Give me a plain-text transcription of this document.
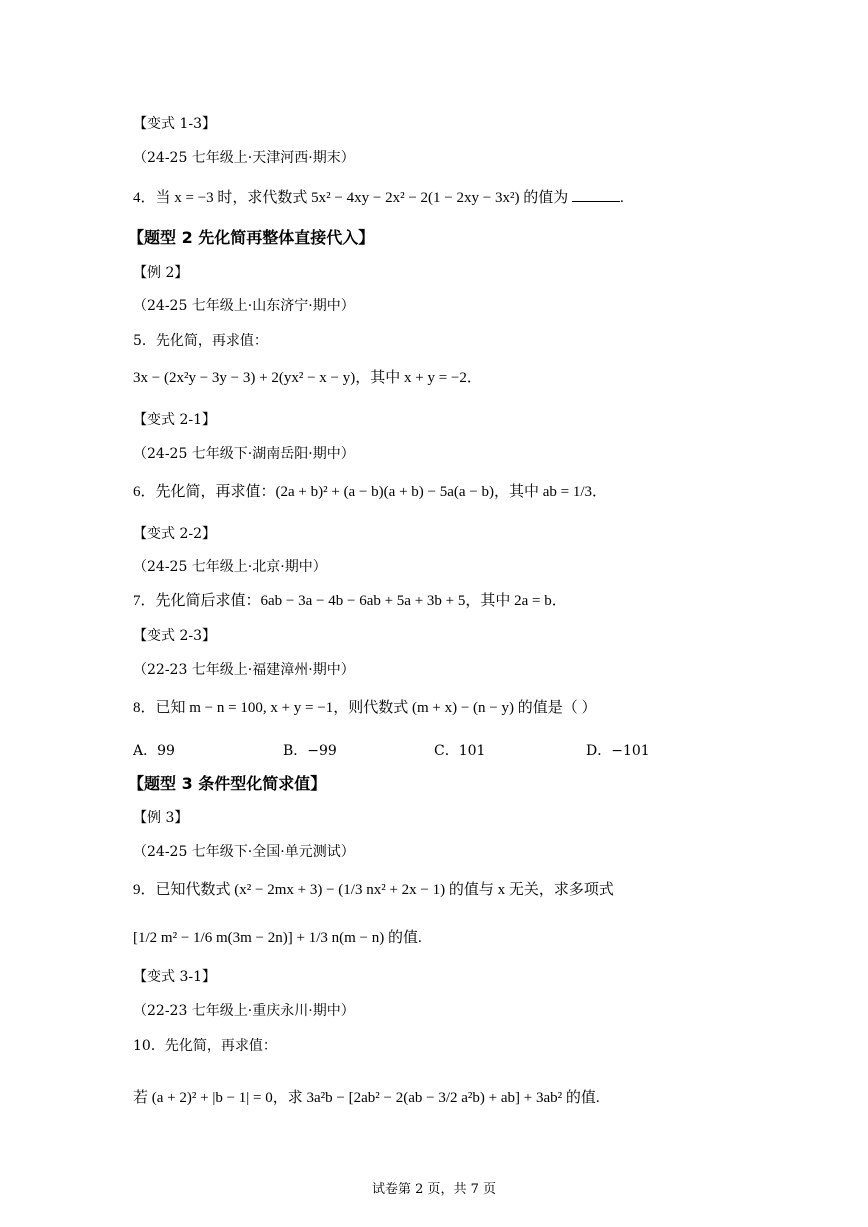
【变式 1-3】
（24-25 七年级上·天津河西·期末）
4．当 x = −3 时，求代数式 5x² − 4xy − 2x² − 2(1 − 2xy − 3x²) 的值为	.
【题型 2 先化简再整体直接代入】
【例 2】
（24-25 七年级上·山东济宁·期中）
5．先化简，再求值：
3x − (2x²y − 3y − 3) + 2(yx² − x − y)，其中 x + y = −2．
【变式 2-1】
（24-25 七年级下·湖南岳阳·期中）
6．先化简，再求值：(2a + b)² + (a − b)(a + b) − 5a(a − b)，其中 ab = 1/3．
【变式 2-2】
（24-25 七年级上·北京·期中）
7．先化简后求值：6ab − 3a − 4b − 6ab + 5a + 3b + 5，其中 2a = b．
【变式 2-3】
（22-23 七年级上·福建漳州·期中）
8．已知 m − n = 100, x + y = −1，则代数式 (m + x) − (n − y) 的值是（ ）
A．99	B．−99	C．101	D．−101
【题型 3 条件型化简求值】
【例 3】
（24-25 七年级下·全国·单元测试）
9．已知代数式 (x² − 2mx + 3) − (1/3 nx² + 2x − 1) 的值与 x 无关，求多项式
[1/2 m² − 1/6 m(3m − 2n)] + 1/3 n(m − n) 的值.
【变式 3-1】
（22-23 七年级上·重庆永川·期中）
10．先化简，再求值：
若 (a + 2)² + |b − 1| = 0，求 3a²b − [2ab² − 2(ab − 3/2 a²b) + ab] + 3ab² 的值.
试卷第 2 页，共 7 页
